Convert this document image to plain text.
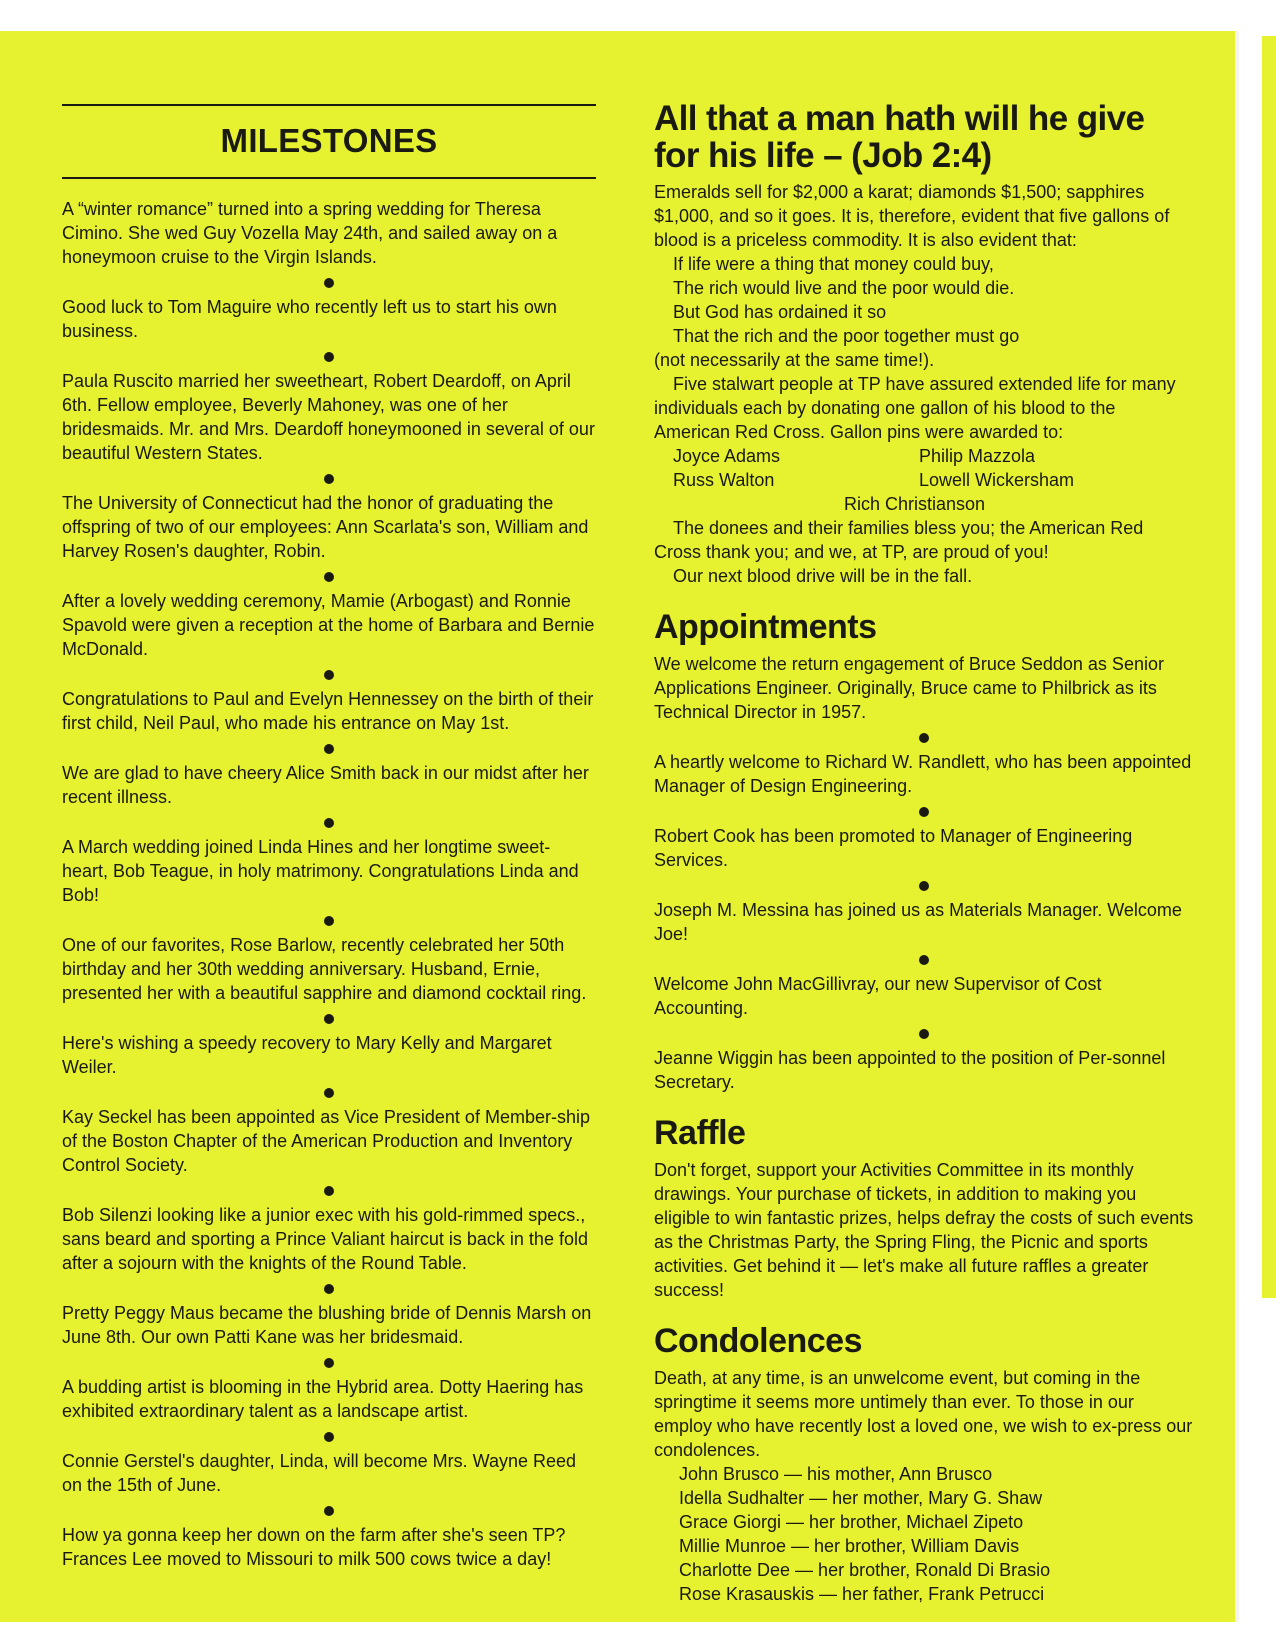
MILESTONES
A “winter romance” turned into a spring wedding for Theresa Cimino. She wed Guy Vozella May 24th, and sailed away on a honeymoon cruise to the Virgin Islands.
Good luck to Tom Maguire who recently left us to start his own business.
Paula Ruscito married her sweetheart, Robert Deardoff, on April 6th. Fellow employee, Beverly Mahoney, was one of her bridesmaids. Mr. and Mrs. Deardoff honeymooned in several of our beautiful Western States.
The University of Connecticut had the honor of graduating the offspring of two of our employees: Ann Scarlata's son, William and Harvey Rosen's daughter, Robin.
After a lovely wedding ceremony, Mamie (Arbogast) and Ronnie Spavold were given a reception at the home of Barbara and Bernie McDonald.
Congratulations to Paul and Evelyn Hennessey on the birth of their first child, Neil Paul, who made his entrance on May 1st.
We are glad to have cheery Alice Smith back in our midst after her recent illness.
A March wedding joined Linda Hines and her longtime sweet-heart, Bob Teague, in holy matrimony. Congratulations Linda and Bob!
One of our favorites, Rose Barlow, recently celebrated her 50th birthday and her 30th wedding anniversary. Husband, Ernie, presented her with a beautiful sapphire and diamond cocktail ring.
Here's wishing a speedy recovery to Mary Kelly and Margaret Weiler.
Kay Seckel has been appointed as Vice President of Member-ship of the Boston Chapter of the American Production and Inventory Control Society.
Bob Silenzi looking like a junior exec with his gold-rimmed specs., sans beard and sporting a Prince Valiant haircut is back in the fold after a sojourn with the knights of the Round Table.
Pretty Peggy Maus became the blushing bride of Dennis Marsh on June 8th. Our own Patti Kane was her bridesmaid.
A budding artist is blooming in the Hybrid area. Dotty Haering has exhibited extraordinary talent as a landscape artist.
Connie Gerstel's daughter, Linda, will become Mrs. Wayne Reed on the 15th of June.
How ya gonna keep her down on the farm after she's seen TP? Frances Lee moved to Missouri to milk 500 cows twice a day!
All that a man hath will he give
for his life – (Job 2:4)
Emeralds sell for $2,000 a karat; diamonds $1,500; sapphires $1,000, and so it goes. It is, therefore, evident that five gallons of blood is a priceless commodity. It is also evident that:
If life were a thing that money could buy,
The rich would live and the poor would die.
But God has ordained it so
That the rich and the poor together must go
(not necessarily at the same time!).
Five stalwart people at TP have assured extended life for many individuals each by donating one gallon of his blood to the American Red Cross. Gallon pins were awarded to:
Joyce Adams	Philip Mazzola
Russ Walton	Lowell Wickersham
Rich Christianson
The donees and their families bless you; the American Red Cross thank you; and we, at TP, are proud of you!
Our next blood drive will be in the fall.
Appointments
We welcome the return engagement of Bruce Seddon as Senior Applications Engineer. Originally, Bruce came to Philbrick as its Technical Director in 1957.
A heartly welcome to Richard W. Randlett, who has been appointed Manager of Design Engineering.
Robert Cook has been promoted to Manager of Engineering Services.
Joseph M. Messina has joined us as Materials Manager. Welcome Joe!
Welcome John MacGillivray, our new Supervisor of Cost Accounting.
Jeanne Wiggin has been appointed to the position of Per-sonnel Secretary.
Raffle
Don't forget, support your Activities Committee in its monthly drawings. Your purchase of tickets, in addition to making you eligible to win fantastic prizes, helps defray the costs of such events as the Christmas Party, the Spring Fling, the Picnic and sports activities. Get behind it — let's make all future raffles a greater success!
Condolences
Death, at any time, is an unwelcome event, but coming in the springtime it seems more untimely than ever. To those in our employ who have recently lost a loved one, we wish to ex-press our condolences.
John Brusco — his mother, Ann Brusco
Idella Sudhalter — her mother, Mary G. Shaw
Grace Giorgi — her brother, Michael Zipeto
Millie Munroe — her brother, William Davis
Charlotte Dee — her brother, Ronald Di Brasio
Rose Krasauskis — her father, Frank Petrucci
